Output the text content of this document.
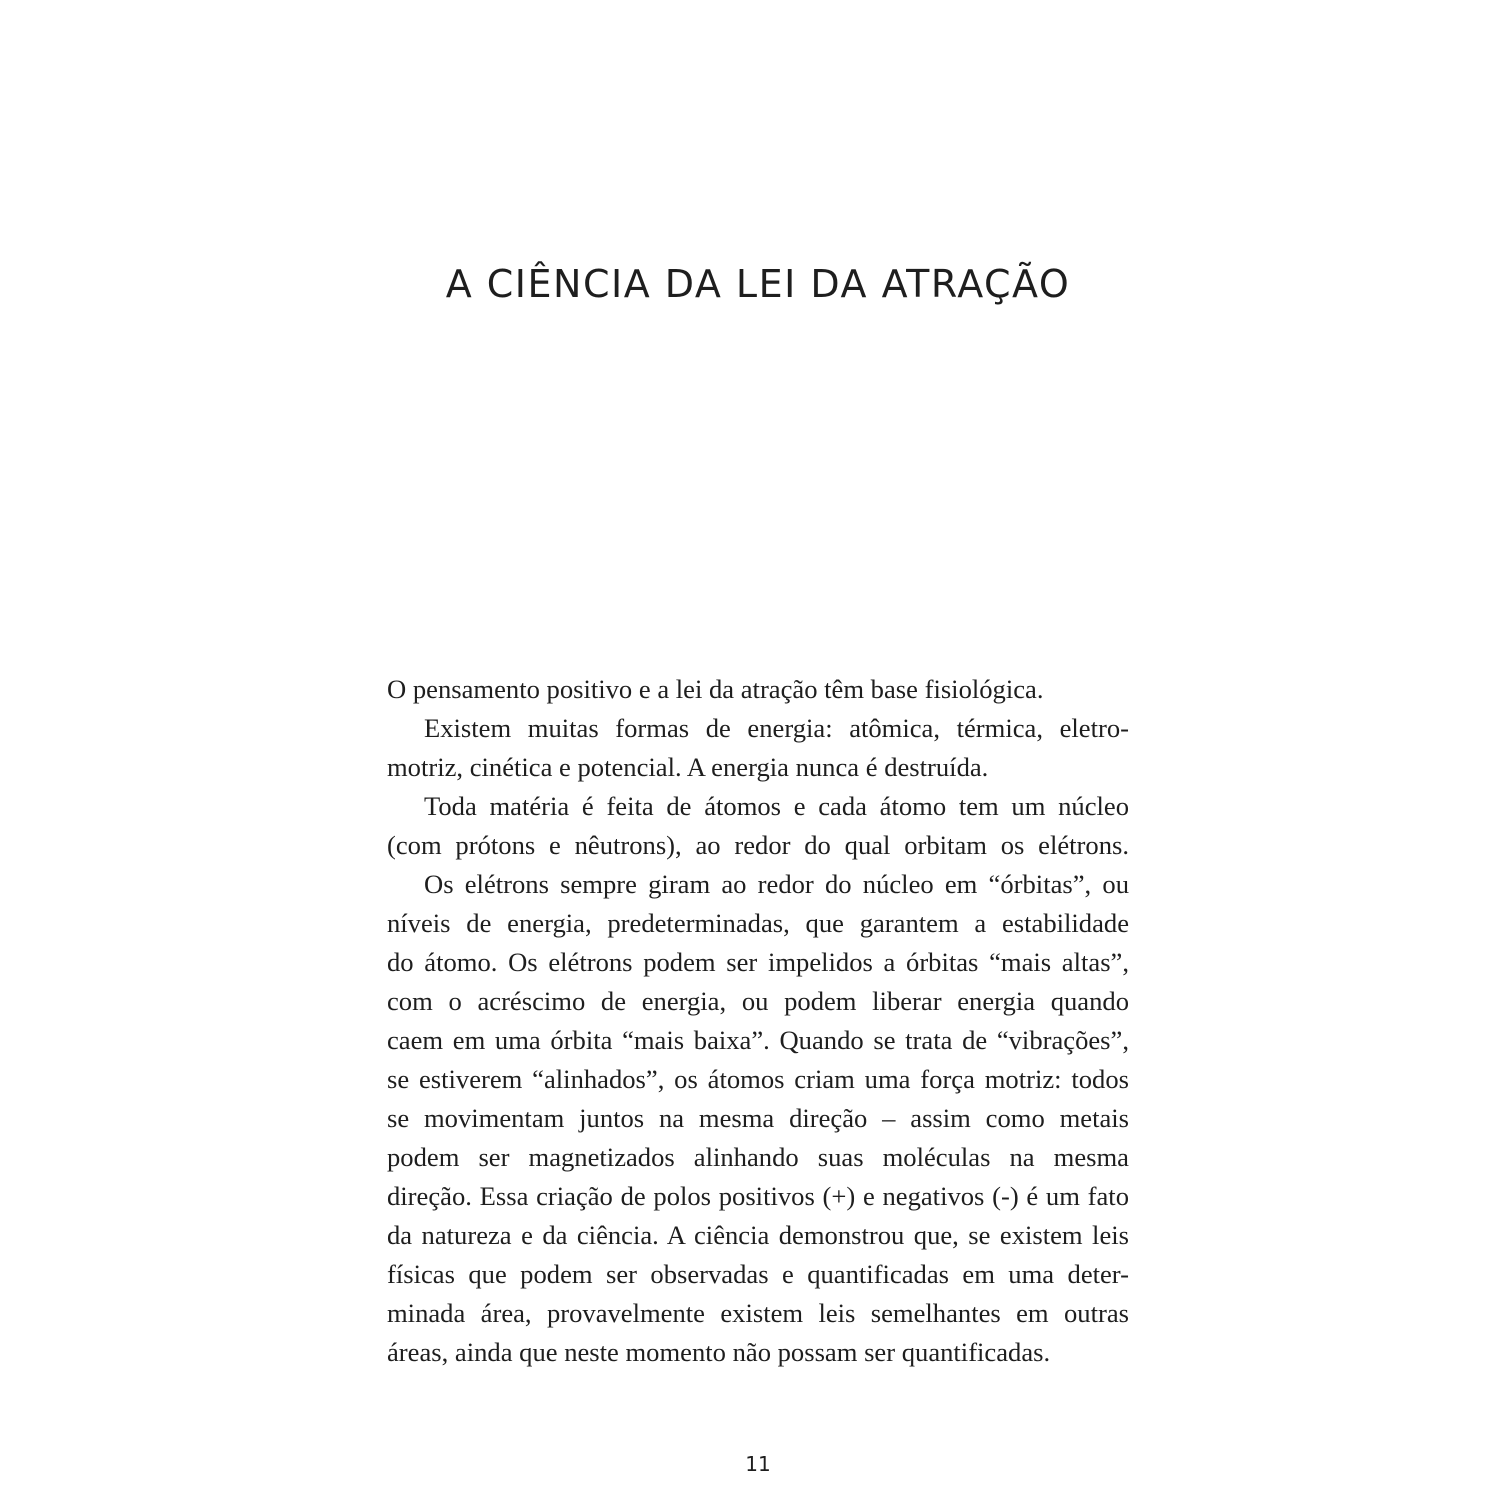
A CIÊNCIA DA LEI DA ATRAÇÃO

O pensamento positivo e a lei da atração têm base fisiológica.

Existem muitas formas de energia: atômica, térmica, eletro-
motriz, cinética e potencial. A energia nunca é destruída.

Toda matéria é feita de átomos e cada átomo tem um núcleo
(com prótons e nêutrons), ao redor do qual orbitam os elétrons.

Os elétrons sempre giram ao redor do núcleo em “órbitas”, ou
níveis de energia, predeterminadas, que garantem a estabilidade
do átomo. Os elétrons podem ser impelidos a órbitas “mais altas”,
com o acréscimo de energia, ou podem liberar energia quando
caem em uma órbita “mais baixa”. Quando se trata de “vibrações”,
se estiverem “alinhados”, os átomos criam uma força motriz: todos
se movimentam juntos na mesma direção – assim como metais
podem ser magnetizados alinhando suas moléculas na mesma
direção. Essa criação de polos positivos (+) e negativos (-) é um fato
da natureza e da ciência. A ciência demonstrou que, se existem leis
físicas que podem ser observadas e quantificadas em uma deter-
minada área, provavelmente existem leis semelhantes em outras
áreas, ainda que neste momento não possam ser quantificadas.

11
